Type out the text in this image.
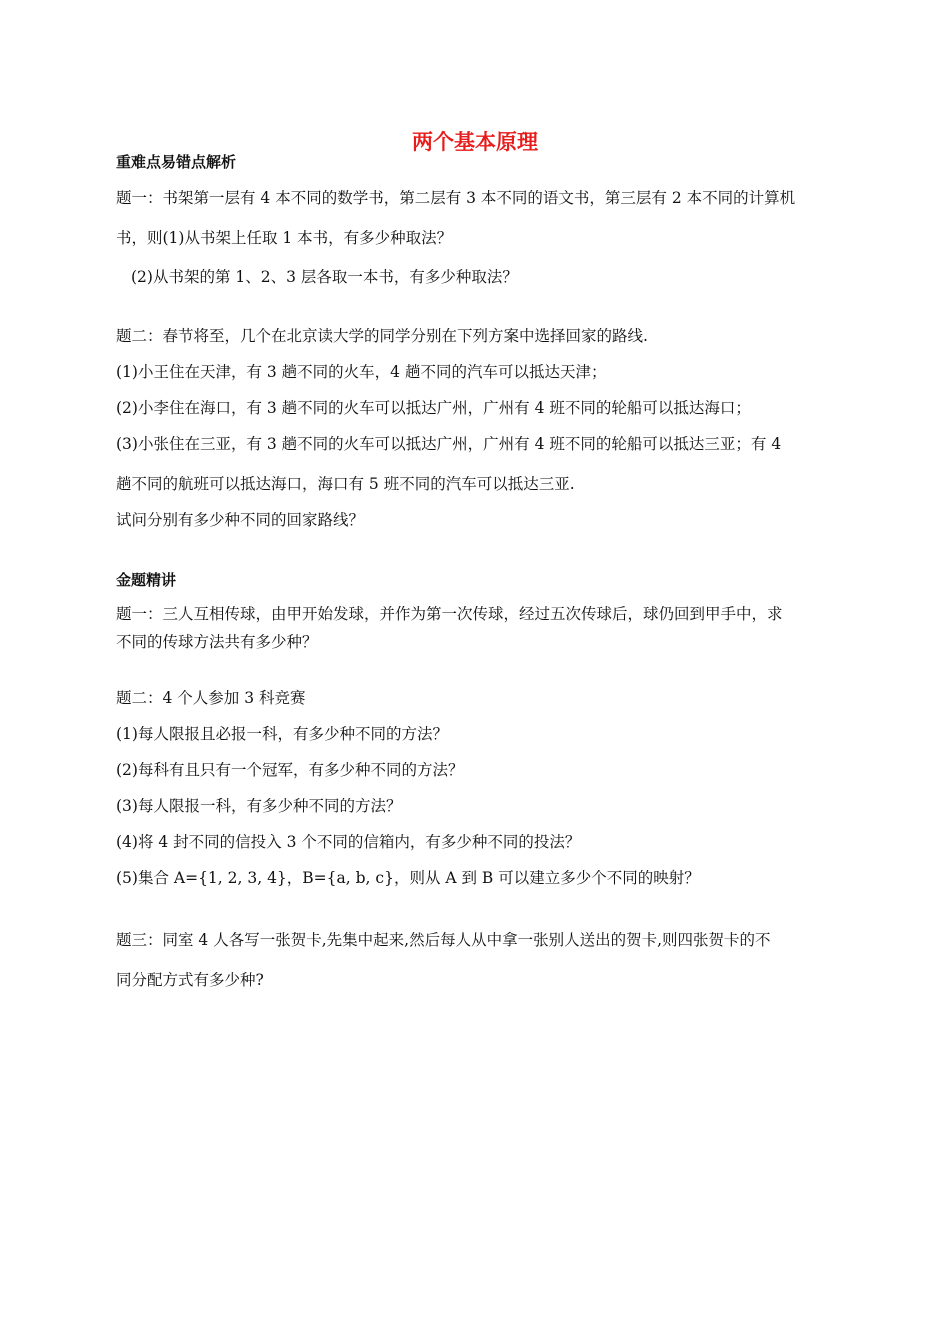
两个基本原理

重难点易错点解析

题一：书架第一层有 4 本不同的数学书，第二层有 3 本不同的语文书，第三层有 2 本不同的计算机

书，则(1)从书架上任取 1 本书，有多少种取法？

(2)从书架的第 1、2、3 层各取一本书，有多少种取法？

题二：春节将至，几个在北京读大学的同学分别在下列方案中选择回家的路线.

(1)小王住在天津，有 3 趟不同的火车，4 趟不同的汽车可以抵达天津；

(2)小李住在海口，有 3 趟不同的火车可以抵达广州，广州有 4 班不同的轮船可以抵达海口；

(3)小张住在三亚，有 3 趟不同的火车可以抵达广州，广州有 4 班不同的轮船可以抵达三亚；有 4

趟不同的航班可以抵达海口，海口有 5 班不同的汽车可以抵达三亚.

试问分别有多少种不同的回家路线？

金题精讲

题一：三人互相传球，由甲开始发球，并作为第一次传球，经过五次传球后，球仍回到甲手中，求

不同的传球方法共有多少种？

题二：4 个人参加 3 科竞赛

(1)每人限报且必报一科，有多少种不同的方法？

(2)每科有且只有一个冠军，有多少种不同的方法？

(3)每人限报一科，有多少种不同的方法？

(4)将 4 封不同的信投入 3 个不同的信箱内，有多少种不同的投法？

(5)集合 A={1, 2, 3, 4}，B={a, b, c}，则从 A 到 B 可以建立多少个不同的映射？

题三：同室 4 人各写一张贺卡,先集中起来,然后每人从中拿一张别人送出的贺卡,则四张贺卡的不

同分配方式有多少种?
